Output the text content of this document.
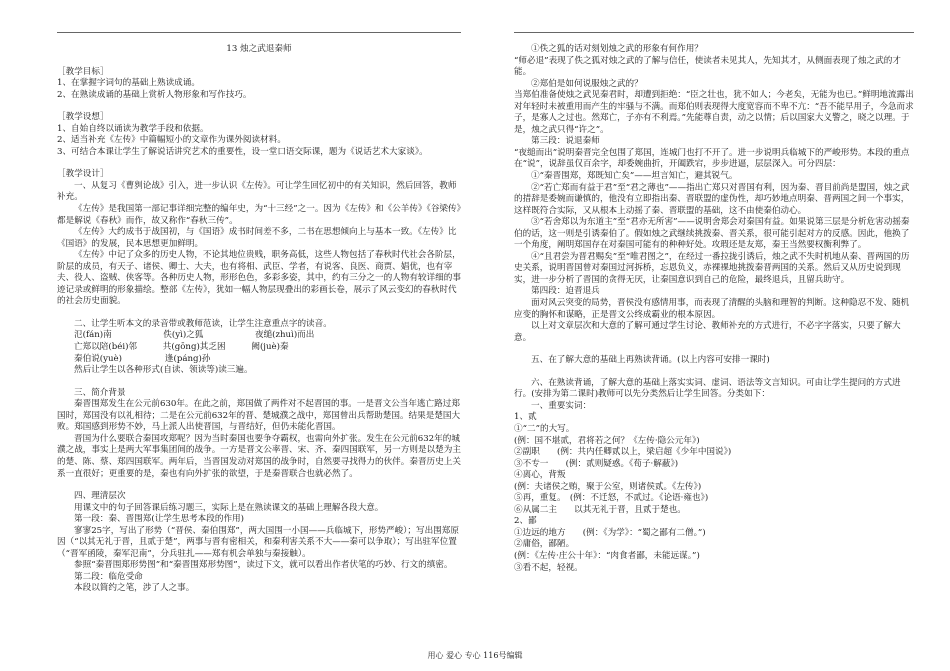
13 烛之武退秦师
［教学目标］
1、在掌握字词句的基础上熟读成诵。
2、在熟读成诵的基础上赏析人物形象和写作技巧。
［教学设想］
1、自始自终以诵读为教学手段和依据。
2、适当补充《左传》中篇幅短小的文章作为课外阅读材料。
3、可结合本课让学生了解说话讲究艺术的重要性，设一堂口语交际课，题为《说话艺术大家谈》。
［教学设计］
一、从复习《曹刿论战》引入，进一步认识《左传》。可让学生回忆初中的有关知识，然后回答，教师补充。
《左传》是我国第一部记事详细完整的编年史，为“十三经”之一。因为《左传》和《公羊传》《谷梁传》都是解说《春秋》而作，故又称作“春秋三传”。
《左传》大约成书于战国初，与《国语》成书时间差不多，二书在思想倾向上与基本一致。《左传》比《国语》的发展，民本思想更加鲜明。
《左传》中记了众多的历史人物，不论其地位贵贱，职务高低，这些人物包括了春秋时代社会各阶层，阶层的成员，有天子、诸侯、卿士、大夫，也有将相、武臣、学者，有说客、良医、商贾、娼优，也有宰夫、役人、盗贼、侠客等。各种历史人物，形形色色，多彩多姿，其中，约有三分之一的人物有较详细的事迹记录或鲜明的形象描绘。整部《左传》，犹如一幅人物层现叠出的彩画长卷，展示了风云变幻的春秋时代的社会历史面貌。
二、让学生听本文的录音带或教师范读，让学生注意重点字的读音。
氾(fán)南　　　　　　佚(yì)之狐　　　　　　夜缒(zhuì)而出
亡郑以陪(béi)邻　　　共(gōng)其乏困　　　阙(juè)秦
秦伯说(yuè)　　　　　逢(páng)孙
然后让学生以各种形式(自读、领读等)读三遍。
三、简介背景
秦晋围郑发生在公元前630年。在此之前，郑国做了两件对不起晋国的事。一是晋文公当年逃亡路过郑国时，郑国没有以礼相待；二是在公元前632年的晋、楚城濮之战中，郑国曾出兵帮助楚国。结果是楚国大败。郑国感到形势不妙，马上派人出使晋国，与晋结好，但仍未能化晋国。
晋国为什么要联合秦国攻郑呢？因为当时秦国也要争夺霸权，也需向外扩张。发生在公元前632年的城濮之战，事实上是两大军事集团间的战争。一方是晋文公率晋、宋、齐、秦四国联军，另一方则是以楚为主的楚、陈、蔡、郑四国联军。两年后，当晋国发动对郑国的战争时，自然要寻找得力的伙伴。秦晋历史上关系一直很好；更重要的是，秦也有向外扩张的欲望，于是秦晋联合也就必然了。
四、理清层次
用课文中的句子回答课后练习题三，实际上是在熟读课文的基础上理解各段大意。
第一段：秦、晋围郑(让学生思考本段的作用)
寥寥25字，写出了形势（“晋侯、秦伯围郑”，两大国围一小国——兵临城下，形势严峻）；写出围郑原因（“以其无礼于晋，且贰于楚”，两事与晋有密相关，和秦利害关系不大——秦可以争取）；写出驻军位置（“晋军函陵，秦军氾南”，分兵驻扎——郑有机会单独与秦接触）。
参照“秦晋围郑形势图”和“秦晋围郑形势图”，读过下文，就可以看出作者伏笔的巧妙、行文的缜密。
第二段：临危受命
本段以简约之笔，涉了人之事。
①佚之狐的话对刻划烛之武的形象有何作用？
“师必退”表现了佚之狐对烛之武的了解与信任，使读者未见其人，先知其才，从侧面表现了烛之武的才能。
②郑伯是如何说服烛之武的？
当郑伯准备使烛之武见秦君时，却遭到拒绝：“臣之壮也，犹不如人；今老矣，无能为也已。”鲜明地流露出对年轻时未被重用而产生的牢骚与不满。而郑伯则表现得大度宽容而不卑不亢：“吾不能早用子，今急而求子，是寡人之过也。然郑亡，子亦有不利焉。”先能尊自责，动之以情；后以国家大义警之，晓之以理。于是，烛之武只得“许之”。
第三段：说退秦师
“夜缒而出”说明秦晋完全包围了郑国，连城门也打不开了。进一步说明兵临城下的严峻形势。本段的重点在“说”，说辞虽仅百余字，却委婉曲折，开阖跌宕，步步进逼，层层深入。可分四层：
①“秦晋围郑，郑既知亡矣”——坦言知亡，避其锐气。
②“若亡郑而有益于君”至“君之薄也”——指出亡郑只对晋国有利，因为秦、晋目前尚是盟国，烛之武的措辞是委婉而谦慎的，他没有立即指出秦、晋联盟的虚伪性，却巧妙地点明秦、晋两国之间一个事实，这样既符合实际，又从根本上动摇了秦、晋联盟的基础，这不由使秦伯动心。
③“若舍郑以为东道主”至“君亦无所害”——说明舍郑会对秦国有益。如果说第三层是分析危害动摇秦伯的话，这一则是引诱秦伯了。假如烛之武继续挑拨秦、晋关系，很可能引起对方的反感。因此，他换了一个角度，阐明郑国存在对秦国可能有的种种好处。攻瑕还是友郑，秦王当然要权衡利弊了。
④“且君尝为晋君赐矣”至“唯君图之”，在经过一番拉拢引诱后，烛之武不失时机地从秦、晋两国的历史关系，说明晋国曾对秦国过河拆桥，忘恩负义，赤裸裸地挑拨秦晋两国的关系。然后又从历史说到现实，进一步分析了晋国的贪得无厌，让秦国意识到自己的危险，最终退兵，且留兵助守。
第四段：迫晋退兵
面对风云突变的局势，晋侯没有感情用事，而表现了清醒的头脑和理智的判断。这种隐忍不发、随机应变的胸怀和谋略，正是晋文公终成霸业的根本原因。
以上对文章层次和大意的了解可通过学生讨论、教师补充的方式进行，不必字字落实，只要了解大意。
五、在了解大意的基础上再熟读背诵。(以上内容可安排一课时)
六、在熟读背诵，了解大意的基础上落实实词、虚词、语法等文言知识。可由让学生提问的方式进行。(安排为第二课时)教师可以先分类然后让学生回答。分类如下：
一、重要实词：
1、贰
①“二”的大写。
(例：国不堪贰，君将若之何？《左传·隐公元年》)
②副职　　(例：共内任卿贰以上，梁启超《少年中国说》)
③不专一　　(例：贰则疑惑。《荀子·解蔽》)
④离心，背叛
(例：夫诸侯之贿，聚于公室，则诸侯贰。《左传》)
⑤再，重复。　(例：不迁怒，不贰过。《论语·雍也》)
⑥从属二主　　以其无礼于晋，且贰于楚也。
2、鄙
①边远的地方　　(例：《为学》：“蜀之鄙有二僧。”)
②庸俗，鄙陋。
(例：《左传·庄公十年》：“肉食者鄙，未能远谋。”)
③看不起，轻视。
用心 爱心 专心 116号编辑
